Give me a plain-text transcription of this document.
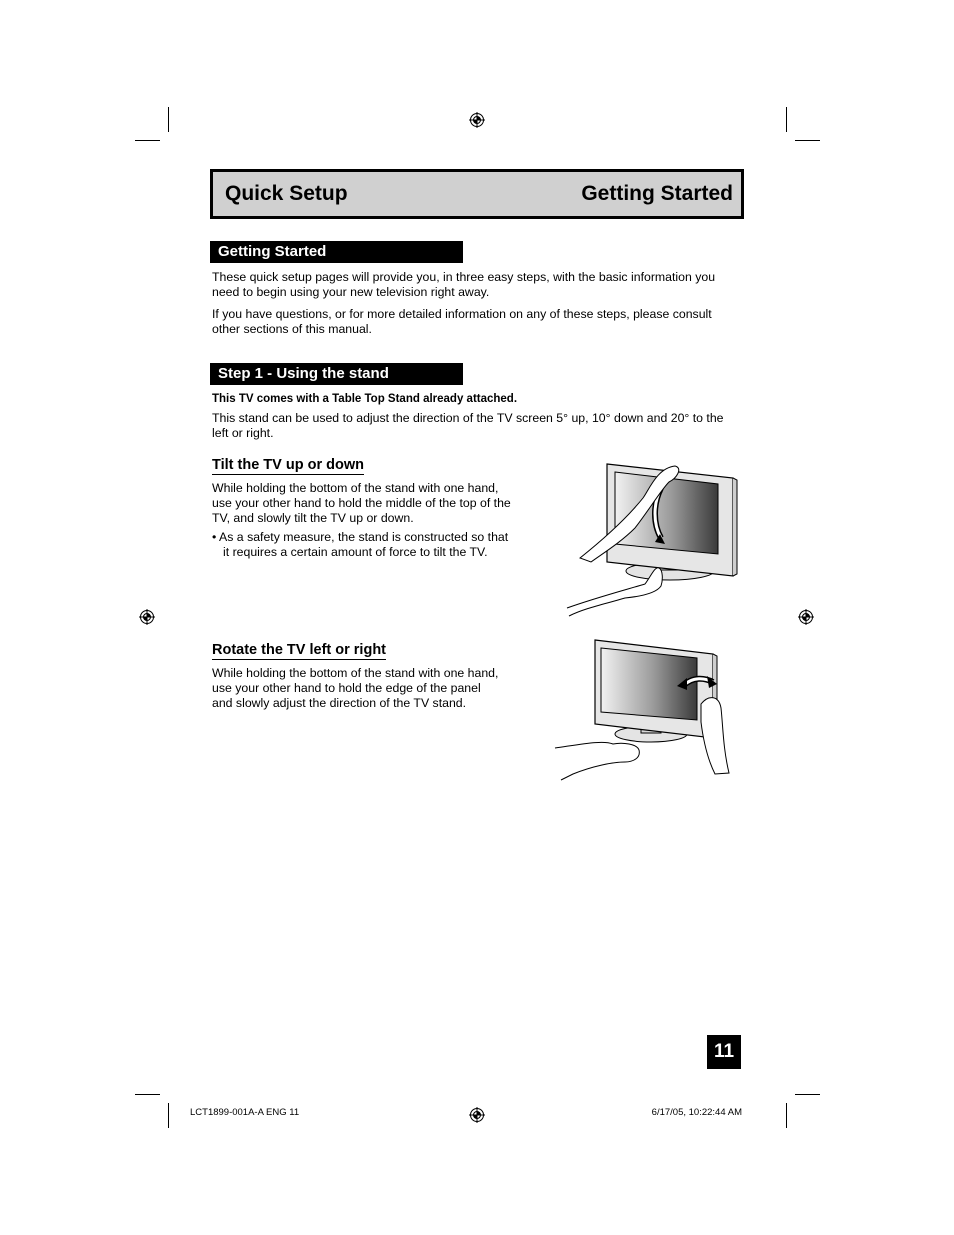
Quick Setup	Getting Started
Getting Started
These quick setup pages will provide you, in three easy steps, with the basic information you
need to begin using your new television right away.
If you have questions, or for more detailed information on any of these steps, please consult
other sections of this manual.
Step 1 - Using the stand
This TV comes with a Table Top Stand already attached.
This stand can be used to adjust the direction of the TV screen 5° up, 10° down and 20° to the
left or right.
Tilt the TV up or down
While holding the bottom of the stand with one hand,
use your other hand to hold the middle of the top of the
TV, and slowly tilt the TV up or down.
• As a safety measure, the stand is constructed so that
it requires a certain amount of force to tilt the TV.
Rotate the TV left or right
While holding the bottom of the stand with one hand,
use your other hand to hold the edge of the panel
and slowly adjust the direction of the TV stand.
11
LCT1899-001A-A ENG 11	6/17/05, 10:22:44 AM
